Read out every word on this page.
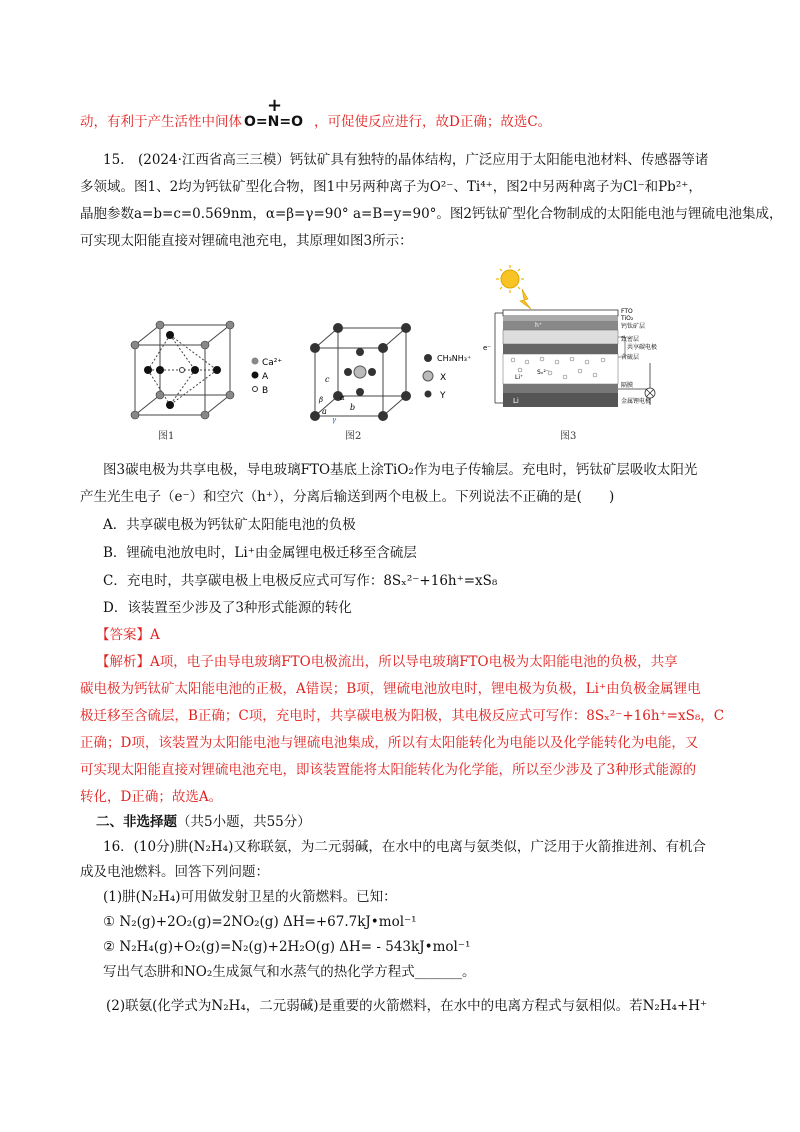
动，有利于产生活性中间体
+
O=N=O ，可促使反应进行，故D正确；故选C。
15.　(2024·江西省高三三模）钙钛矿具有独特的晶体结构，广泛应用于太阳能电池材料、传感器等诸
多领域。图1、2均为钙钛矿型化合物，图1中另两种离子为O²⁻、Ti⁴⁺，图2中另两种离子为Cl⁻和Pb²⁺，
晶胞参数a=b=c=0.569nm，α=β=γ=90° a=B=y=90°。图2钙钛矿型化合物制成的太阳能电池与锂硫电池集成，
可实现太阳能直接对锂硫电池充电，其原理如图3所示：
Ca²⁺
A
B
图1
c
a	b
α
β
γ
CH₃NH₃⁺
X
Y
图2
FTO
TiO₂
钙钛矿层
致密层
共享碳电极
含硫层
隔膜
金属锂电极
e⁻
h⁺
Li⁺
Sₓ²⁻
Li
图3
图3碳电极为共享电极，导电玻璃FTO基底上涂TiO₂作为电子传输层。充电时，钙钛矿层吸收太阳光
产生光生电子（e⁻）和空穴（h⁺），分离后输送到两个电极上。下列说法不正确的是(　　)
A．共享碳电极为钙钛矿太阳能电池的负极
B．锂硫电池放电时，Li⁺由金属锂电极迁移至含硫层
C．充电时，共享碳电极上电极反应式可写作：8Sₓ²⁻+16h⁺=xS₈
D．该装置至少涉及了3种形式能源的转化
【答案】A
【解析】A项，电子由导电玻璃FTO电极流出，所以导电玻璃FTO电极为太阳能电池的负极，共享
碳电极为钙钛矿太阳能电池的正极，A错误；B项，锂硫电池放电时，锂电极为负极，Li⁺由负极金属锂电
极迁移至含硫层，B正确；C项，充电时，共享碳电极为阳极，其电极反应式可写作：8Sₓ²⁻+16h⁺=xS₈，C
正确；D项，该装置为太阳能电池与锂硫电池集成，所以有太阳能转化为电能以及化学能转化为电能，又
可实现太阳能直接对锂硫电池充电，即该装置能将太阳能转化为化学能，所以至少涉及了3种形式能源的
转化，D正确；故选A。
二、非选择题（共5小题，共55分）
16．(10分)肼(N₂H₄)又称联氨，为二元弱碱，在水中的电离与氨类似，广泛用于火箭推进剂、有机合
成及电池燃料。回答下列问题：
(1)肼(N₂H₄)可用做发射卫星的火箭燃料。已知：
① N₂(g)+2O₂(g)=2NO₂(g) ΔH=+67.7kJ•mol⁻¹
② N₂H₄(g)+O₂(g)=N₂(g)+2H₂O(g) ΔH= - 543kJ•mol⁻¹
写出气态肼和NO₂生成氮气和水蒸气的热化学方程式_______。
(2)联氨(化学式为N₂H₄，二元弱碱)是重要的火箭燃料，在水中的电离方程式与氨相似。若N₂H₄+H⁺
